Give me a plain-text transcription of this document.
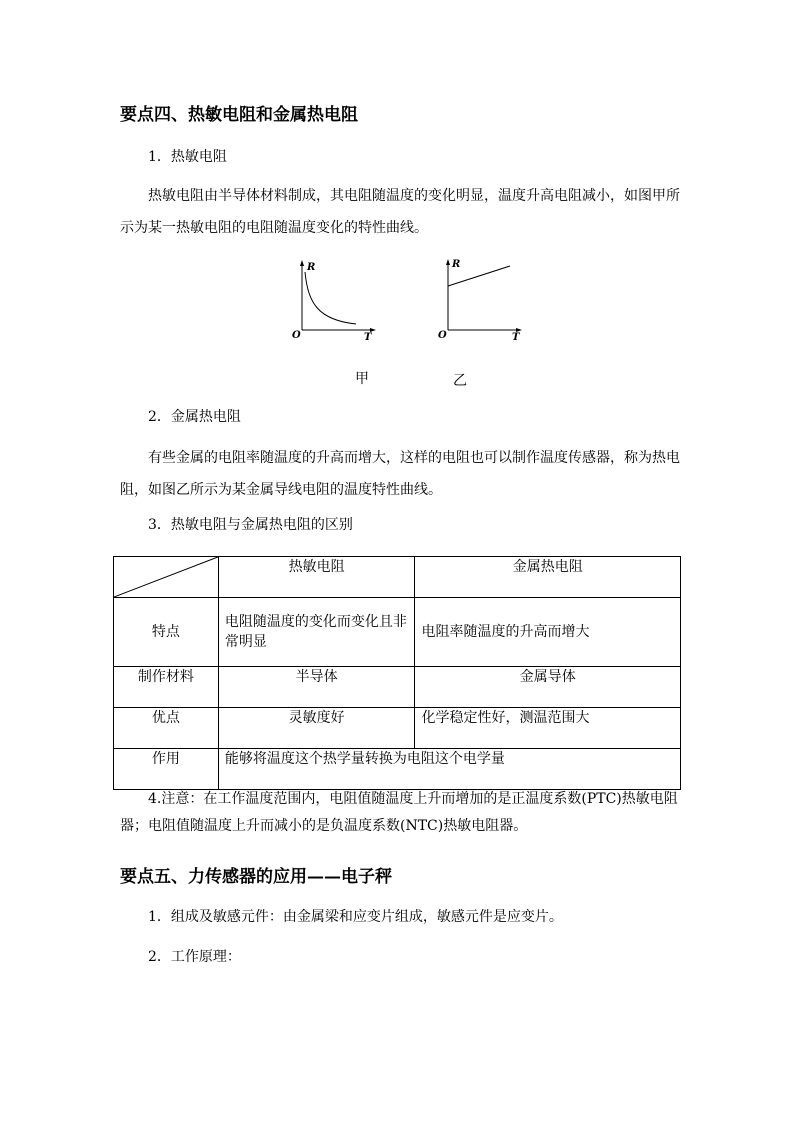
要点四、热敏电阻和金属热电阻
1．热敏电阻
热敏电阻由半导体材料制成，其电阻随温度的变化明显，温度升高电阻减小，如图甲所示为某一热敏电阻的电阻随温度变化的特性曲线。
R
O	T
R
O	T
甲	乙
2．金属热电阻
有些金属的电阻率随温度的升高而增大，这样的电阻也可以制作温度传感器，称为热电阻，如图乙所示为某金属导线电阻的温度特性曲线。
3．热敏电阻与金属热电阻的区别
	热敏电阻	金属热电阻
特点	电阻随温度的变化而变化且非常明显	电阻率随温度的升高而增大
制作材料	半导体	金属导体
优点	灵敏度好	化学稳定性好，测温范围大
作用	能够将温度这个热学量转换为电阻这个电学量	
4.注意：在工作温度范围内，电阻值随温度上升而增加的是正温度系数(PTC)热敏电阻器；电阻值随温度上升而减小的是负温度系数(NTC)热敏电阻器。
要点五、力传感器的应用——电子秤
1．组成及敏感元件：由金属梁和应变片组成，敏感元件是应变片。
2．工作原理：
